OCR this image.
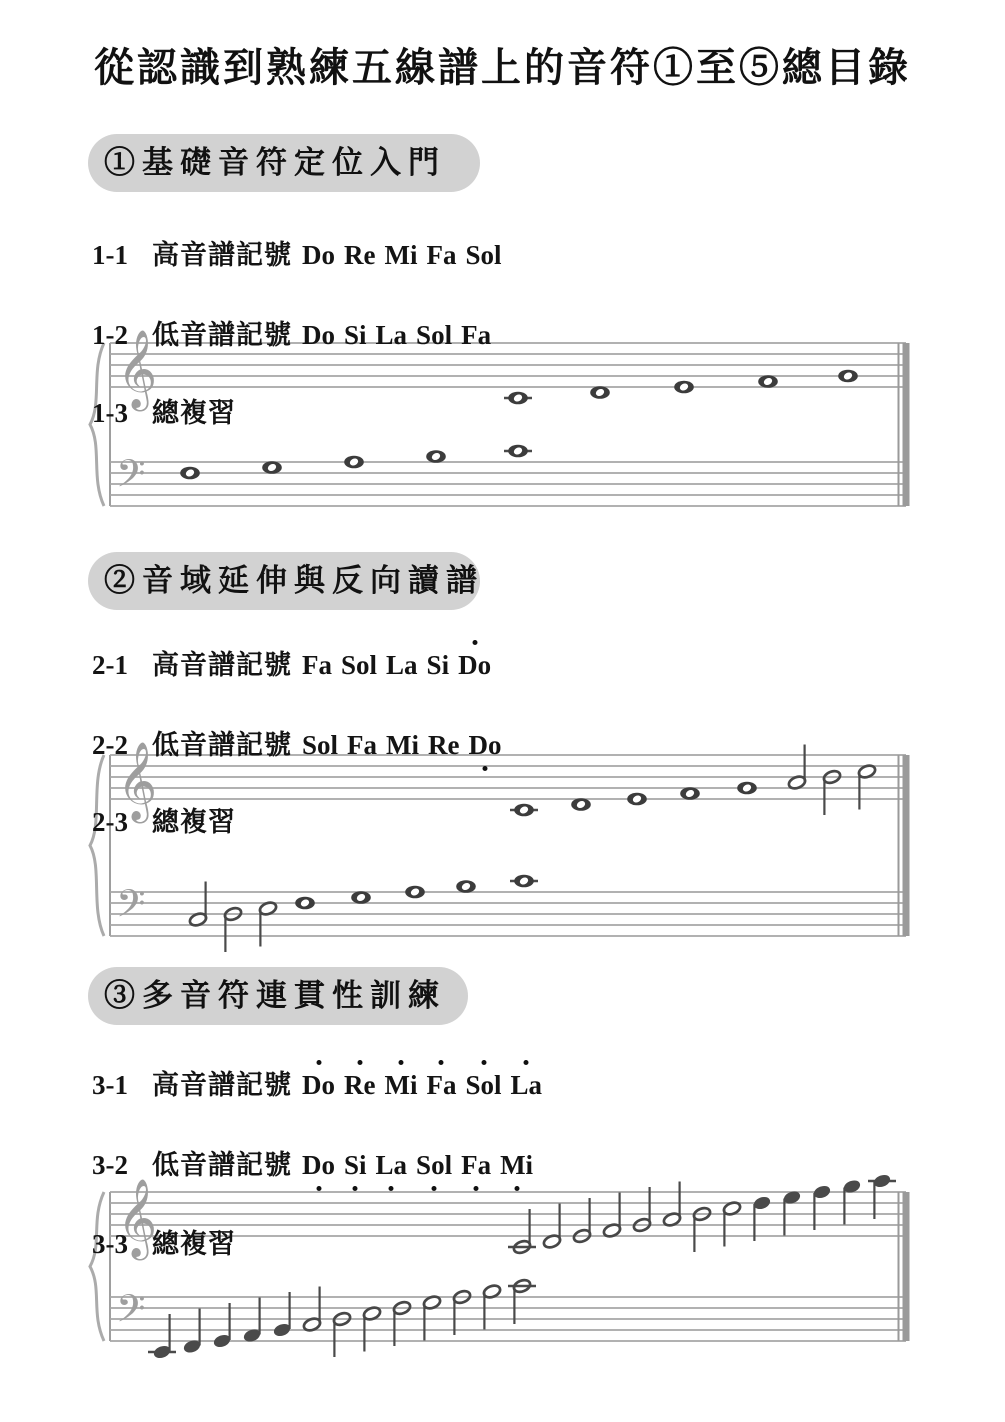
從認識到熟練五線譜上的音符①至⑤總目錄
①基礎音符定位入門
②音域延伸與反向讀譜
③多音符連貫性訓練
1-1 高音譜記號 Do Re Mi Fa Sol
1-2 低音譜記號 Do Si La Sol Fa
1-3 總複習
2-1 高音譜記號 Fa Sol La Si Do
2-2 低音譜記號 Sol Fa Mi Re Do
2-3 總複習
3-1 高音譜記號 Do Re Mi Fa Sol La
3-2 低音譜記號 Do Si La Sol Fa Mi
3-3 總複習
𝄞
𝄢
𝄞
𝄢
𝄞
𝄢
